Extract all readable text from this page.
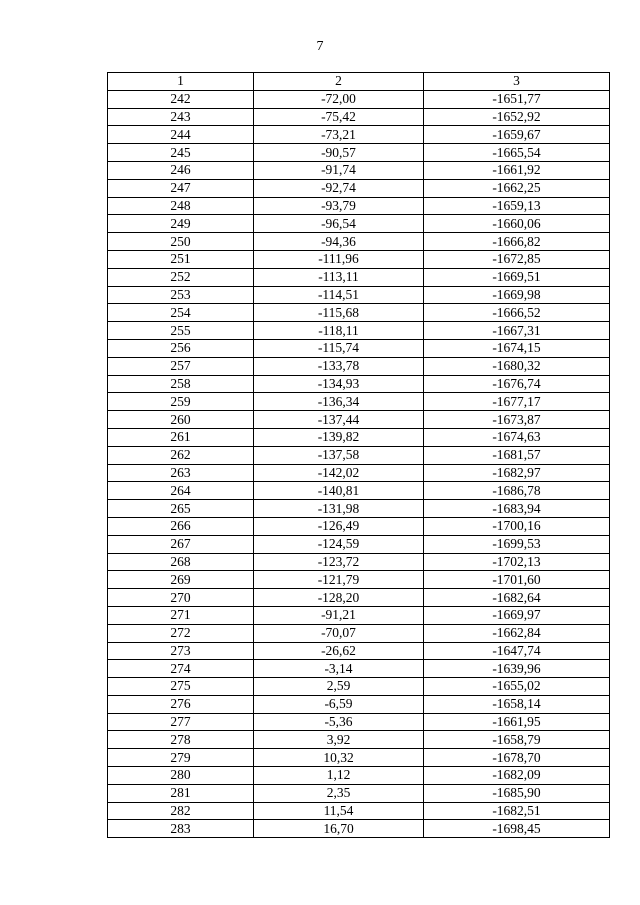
7
1	2	3
242	-72,00	-1651,77
243	-75,42	-1652,92
244	-73,21	-1659,67
245	-90,57	-1665,54
246	-91,74	-1661,92
247	-92,74	-1662,25
248	-93,79	-1659,13
249	-96,54	-1660,06
250	-94,36	-1666,82
251	-111,96	-1672,85
252	-113,11	-1669,51
253	-114,51	-1669,98
254	-115,68	-1666,52
255	-118,11	-1667,31
256	-115,74	-1674,15
257	-133,78	-1680,32
258	-134,93	-1676,74
259	-136,34	-1677,17
260	-137,44	-1673,87
261	-139,82	-1674,63
262	-137,58	-1681,57
263	-142,02	-1682,97
264	-140,81	-1686,78
265	-131,98	-1683,94
266	-126,49	-1700,16
267	-124,59	-1699,53
268	-123,72	-1702,13
269	-121,79	-1701,60
270	-128,20	-1682,64
271	-91,21	-1669,97
272	-70,07	-1662,84
273	-26,62	-1647,74
274	-3,14	-1639,96
275	2,59	-1655,02
276	-6,59	-1658,14
277	-5,36	-1661,95
278	3,92	-1658,79
279	10,32	-1678,70
280	1,12	-1682,09
281	2,35	-1685,90
282	11,54	-1682,51
283	16,70	-1698,45
